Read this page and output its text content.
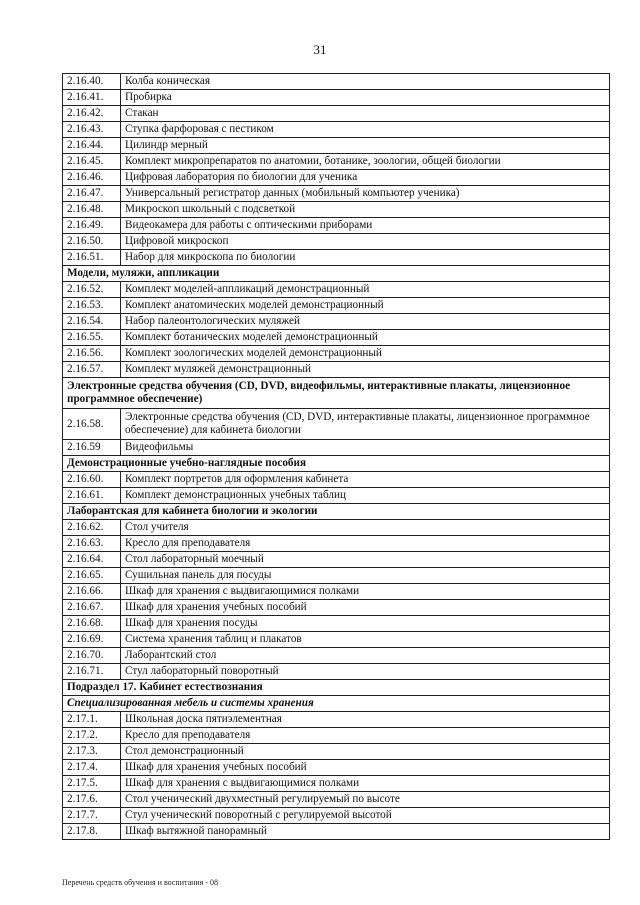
31
2.16.40.	Колба коническая
2.16.41.	Пробирка
2.16.42.	Стакан
2.16.43.	Ступка фарфоровая с пестиком
2.16.44.	Цилиндр мерный
2.16.45.	Комплект микропрепаратов по анатомии, ботанике, зоологии, общей биологии
2.16.46.	Цифровая лаборатория по биологии для ученика
2.16.47.	Универсальный регистратор данных (мобильный компьютер ученика)
2.16.48.	Микроскоп школьный с подсветкой
2.16.49.	Видеокамера для работы с оптическими приборами
2.16.50.	Цифровой микроскоп
2.16.51.	Набор для микроскопа по биологии
Модели, муляжи, аппликации	
2.16.52.	Комплект моделей-аппликаций демонстрационный
2.16.53.	Комплект анатомических моделей демонстрационный
2.16.54.	Набор палеонтологических муляжей
2.16.55.	Комплект ботанических моделей демонстрационный
2.16.56.	Комплект зоологических моделей демонстрационный
2.16.57.	Комплект муляжей демонстрационный
Электронные средства обучения (CD, DVD, видеофильмы, интерактивные плакаты, лицензионное программное обеспечение)	
2.16.58.	Электронные средства обучения (CD, DVD, интерактивные плакаты, лицензионное программное обеспечение) для кабинета биологии
2.16.59	Видеофильмы
Демонстрационные учебно-наглядные пособия	
2.16.60.	Комплект портретов для оформления кабинета
2.16.61.	Комплект демонстрационных учебных таблиц
Лаборантская для кабинета биологии и экологии	
2.16.62.	Стол учителя
2.16.63.	Кресло для преподавателя
2.16.64.	Стол лабораторный моечный
2.16.65.	Сушильная панель для посуды
2.16.66.	Шкаф для хранения с выдвигающимися полками
2.16.67.	Шкаф для хранения учебных пособий
2.16.68.	Шкаф для хранения посуды
2.16.69.	Система хранения таблиц и плакатов
2.16.70.	Лаборантский стол
2.16.71.	Стул лабораторный поворотный
Подраздел 17. Кабинет естествознания	
Специализированная мебель и системы хранения	
2.17.1.	Школьная доска пятиэлементная
2.17.2.	Кресло для преподавателя
2.17.3.	Стол демонстрационный
2.17.4.	Шкаф для хранения учебных пособий
2.17.5.	Шкаф для хранения с выдвигающимися полками
2.17.6.	Стол ученический двухместный регулируемый по высоте
2.17.7.	Стул ученический поворотный с регулируемой высотой
2.17.8.	Шкаф вытяжной панорамный
Перечень средств обучения и воспитания - 08
